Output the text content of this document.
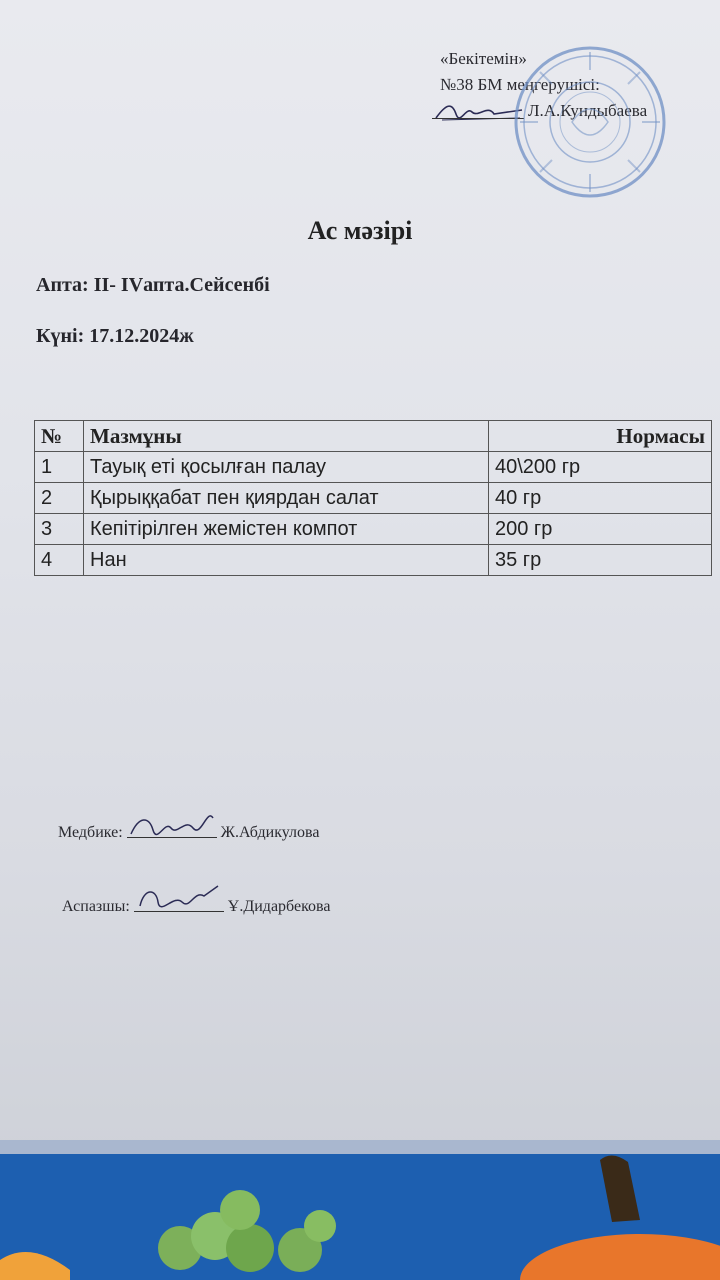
«Бекітемін»
№38 БМ меңгерушісі:
Л.А.Кундыбаева
Ас мәзірі
Апта: II- IVапта.Сейсенбі
Күні: 17.12.2024ж
№	Мазмұны	Нормасы
1	Тауық еті қосылған палау	40\200 гр
2	Қырыққабат пен қиярдан салат	40 гр
3	Кепітірілген жемістен компот	200 гр
4	Нан	35 гр
Медбике:	Ж.Абдикулова
Аспазшы:	Ұ.Дидарбекова
